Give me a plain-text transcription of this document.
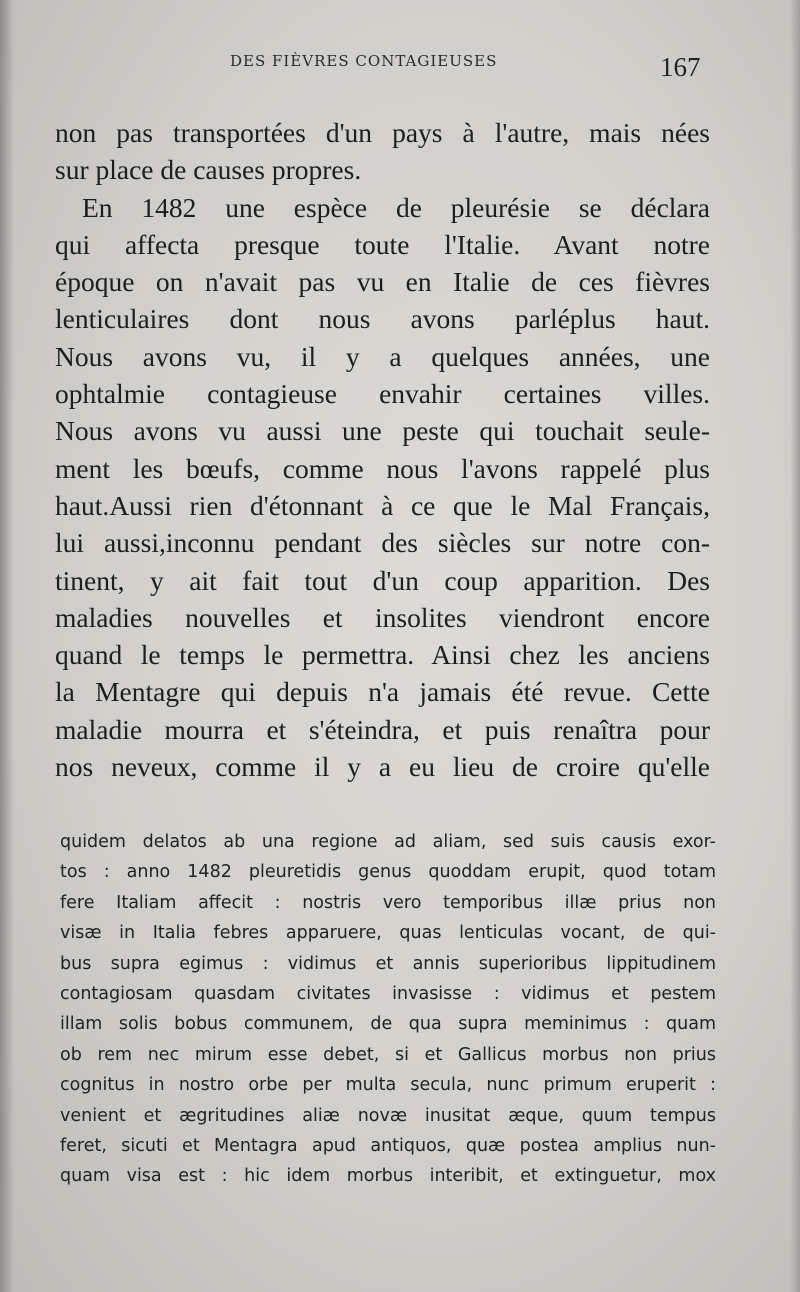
DES FIÈVRES CONTAGIEUSES	167
non pas transportées d'un pays à l'autre, mais nées
sur place de causes propres.
En 1482 une espèce de pleurésie se déclara
qui affecta presque toute l'Italie. Avant notre
époque on n'avait pas vu en Italie de ces fièvres
lenticulaires dont nous avons parléplus haut.
Nous avons vu, il y a quelques années, une
ophtalmie contagieuse envahir certaines villes.
Nous avons vu aussi une peste qui touchait seule-
ment les bœufs, comme nous l'avons rappelé plus
haut.Aussi rien d'étonnant à ce que le Mal Français,
lui aussi,inconnu pendant des siècles sur notre con-
tinent, y ait fait tout d'un coup apparition. Des
maladies nouvelles et insolites viendront encore
quand le temps le permettra. Ainsi chez les anciens
la Mentagre qui depuis n'a jamais été revue. Cette
maladie mourra et s'éteindra, et puis renaîtra pour
nos neveux, comme il y a eu lieu de croire qu'elle
quidem delatos ab una regione ad aliam, sed suis causis exor-
tos : anno 1482 pleuretidis genus quoddam erupit, quod totam
fere Italiam affecit : nostris vero temporibus illæ prius non
visæ in Italia febres apparuere, quas lenticulas vocant, de qui-
bus supra egimus : vidimus et annis superioribus lippitudinem
contagiosam quasdam civitates invasisse : vidimus et pestem
illam solis bobus communem, de qua supra meminimus : quam
ob rem nec mirum esse debet, si et Gallicus morbus non prius
cognitus in nostro orbe per multa secula, nunc primum eruperit :
venient et ægritudines aliæ novæ inusitat æque, quum tempus
feret, sicuti et Mentagra apud antiquos, quæ postea amplius nun-
quam visa est : hic idem morbus interibit, et extinguetur, mox
